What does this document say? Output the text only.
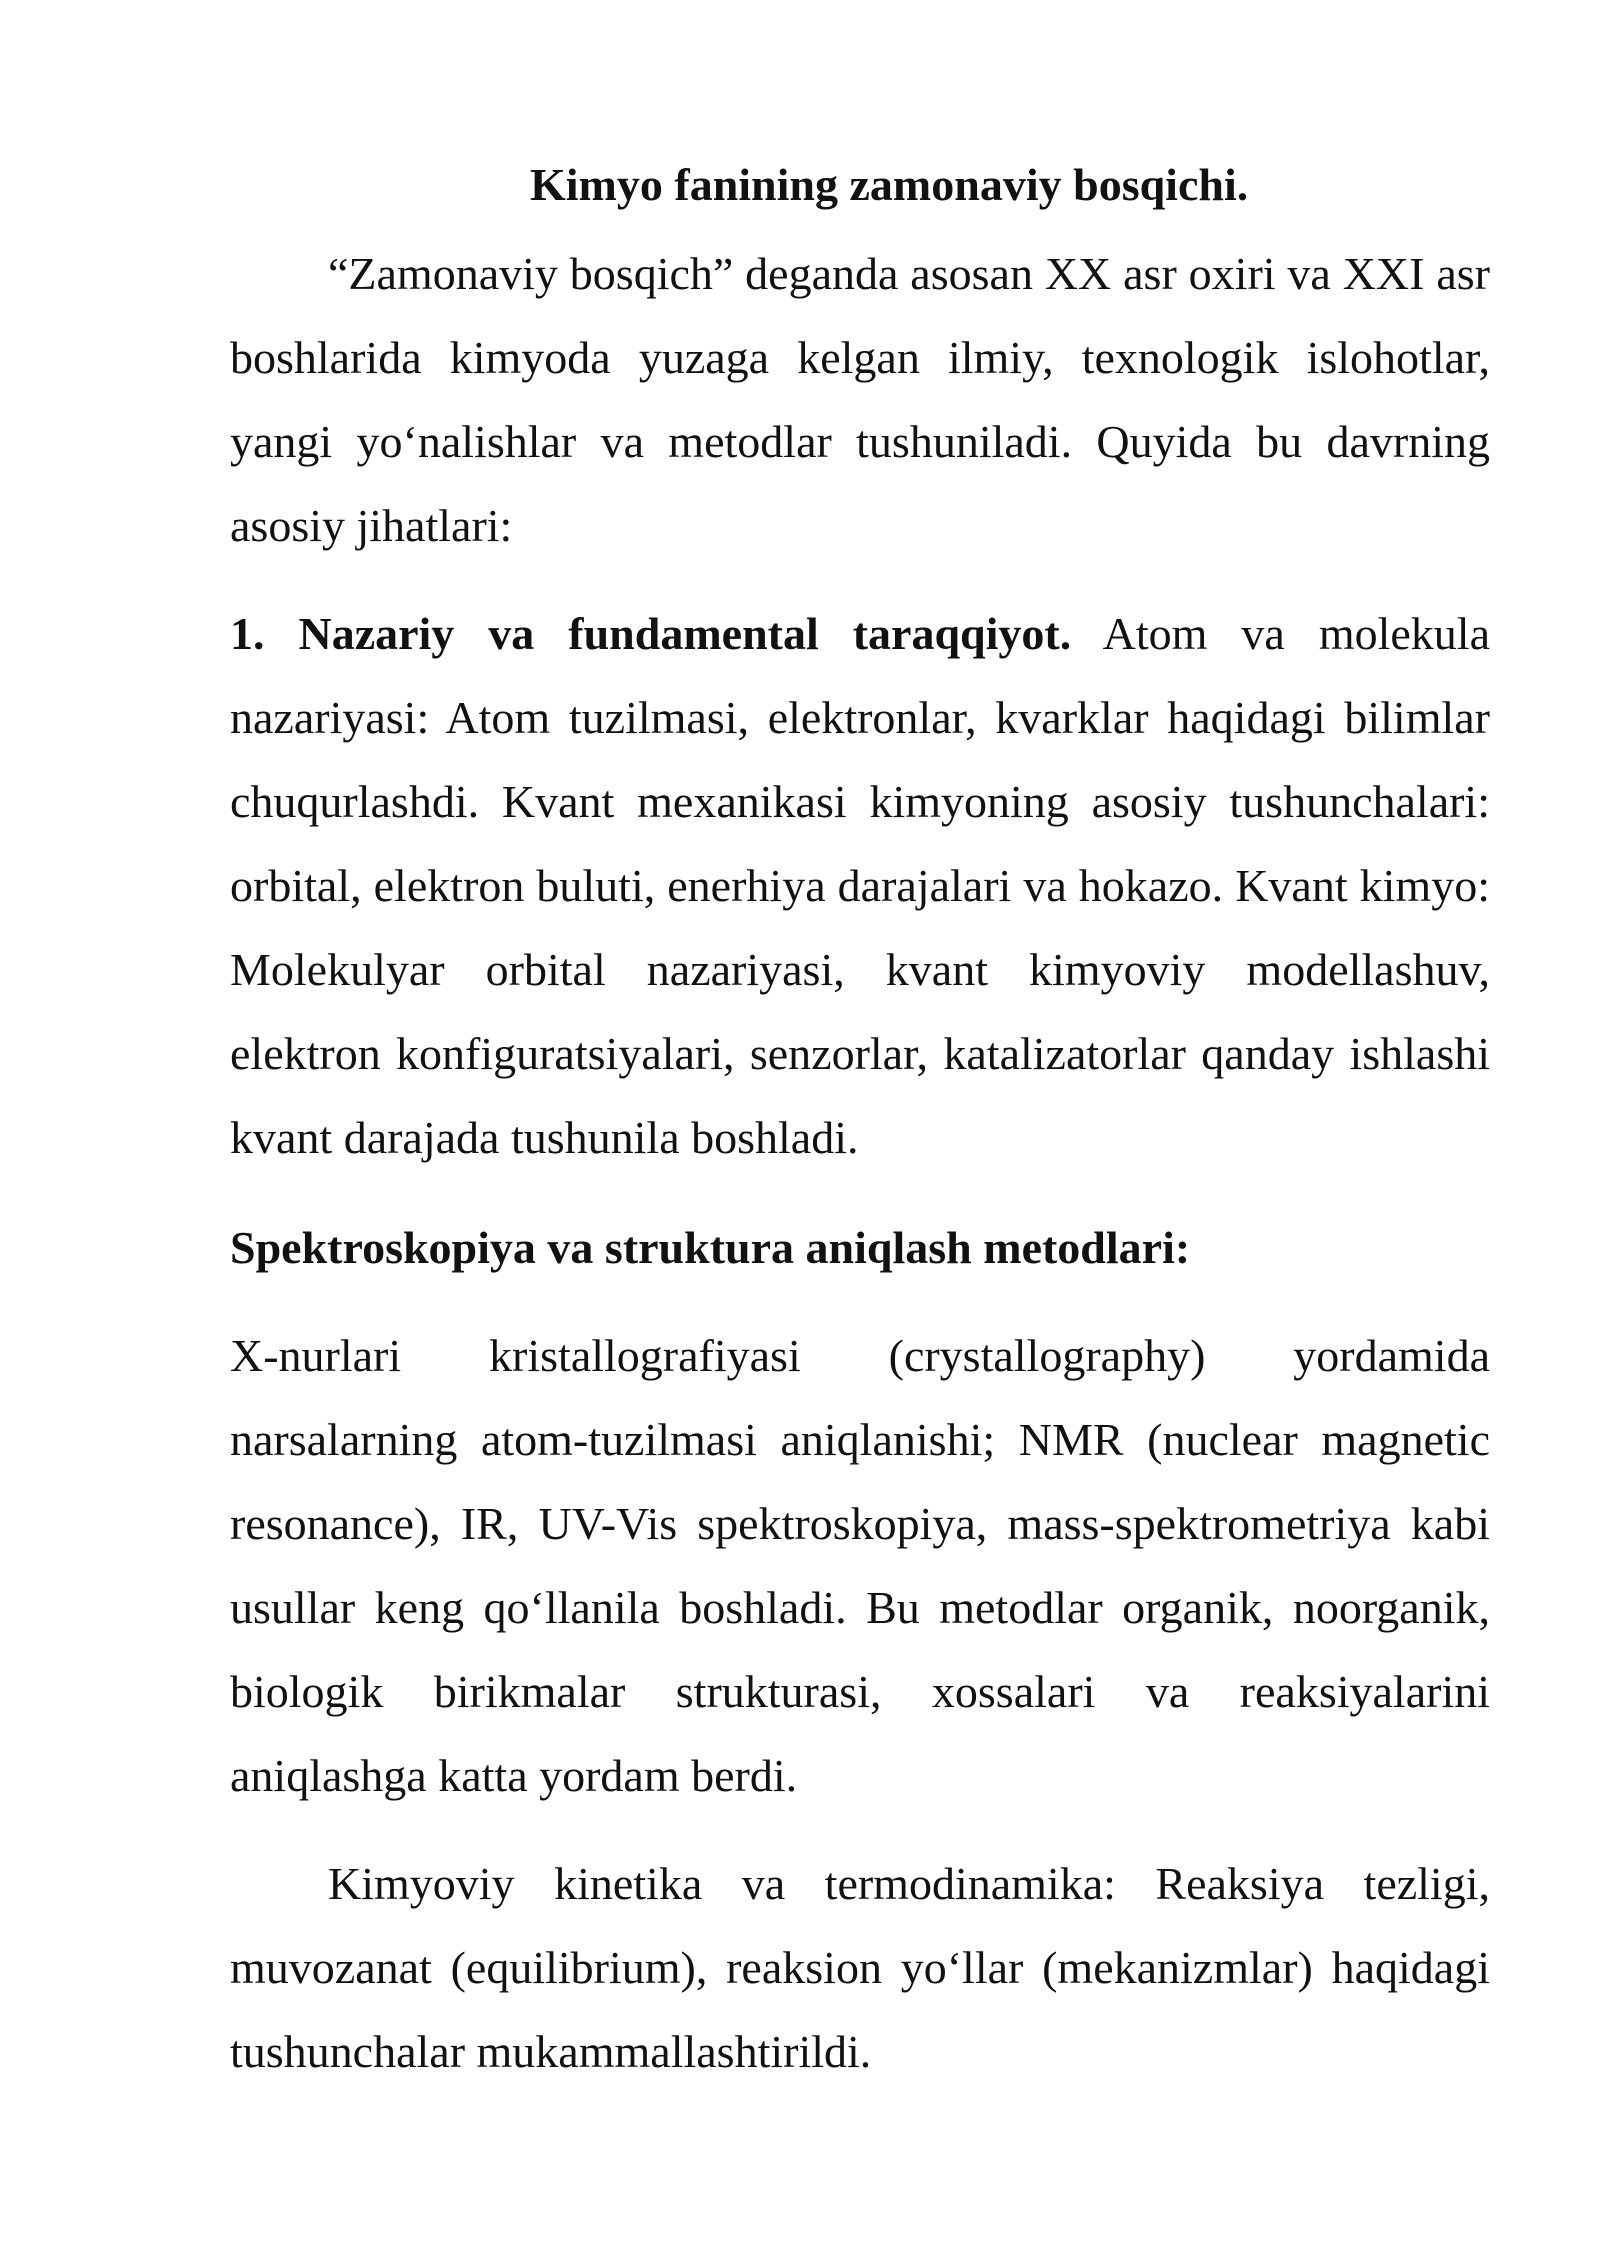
Kimyo fanining zamonaviy bosqichi.

“Zamonaviy bosqich” deganda asosan XX asr oxiri va XXI asr boshlarida kimyoda yuzaga kelgan ilmiy, texnologik islohotlar, yangi yo‘nalishlar va metodlar tushuniladi. Quyida bu davrning asosiy jihatlari:

1. Nazariy va fundamental taraqqiyot. Atom va molekula nazariyasi: Atom tuzilmasi, elektronlar, kvarklar haqidagi bilimlar chuqurlashdi. Kvant mexanikasi kimyoning asosiy tushunchalari: orbital, elektron buluti, enerhiya darajalari va hokazo. Kvant kimyo: Molekulyar orbital nazariyasi, kvant kimyoviy modellashuv, elektron konfiguratsiyalari, senzorlar, katalizatorlar qanday ishlashi kvant darajada tushunila boshladi.

Spektroskopiya va struktura aniqlash metodlari:

X-nurlari kristallografiyasi (crystallography) yordamida narsalarning atom-tuzilmasi aniqlanishi; NMR (nuclear magnetic resonance), IR, UV-Vis spektroskopiya, mass-spektrometriya kabi usullar keng qo‘llanila boshladi. Bu metodlar organik, noorganik, biologik birikmalar strukturasi, xossalari va reaksiyalarini aniqlashga katta yordam berdi.

Kimyoviy kinetika va termodinamika: Reaksiya tezligi, muvozanat (equilibrium), reaksion yo‘llar (mekanizmlar) haqidagi tushunchalar mukammallashtirildi.
